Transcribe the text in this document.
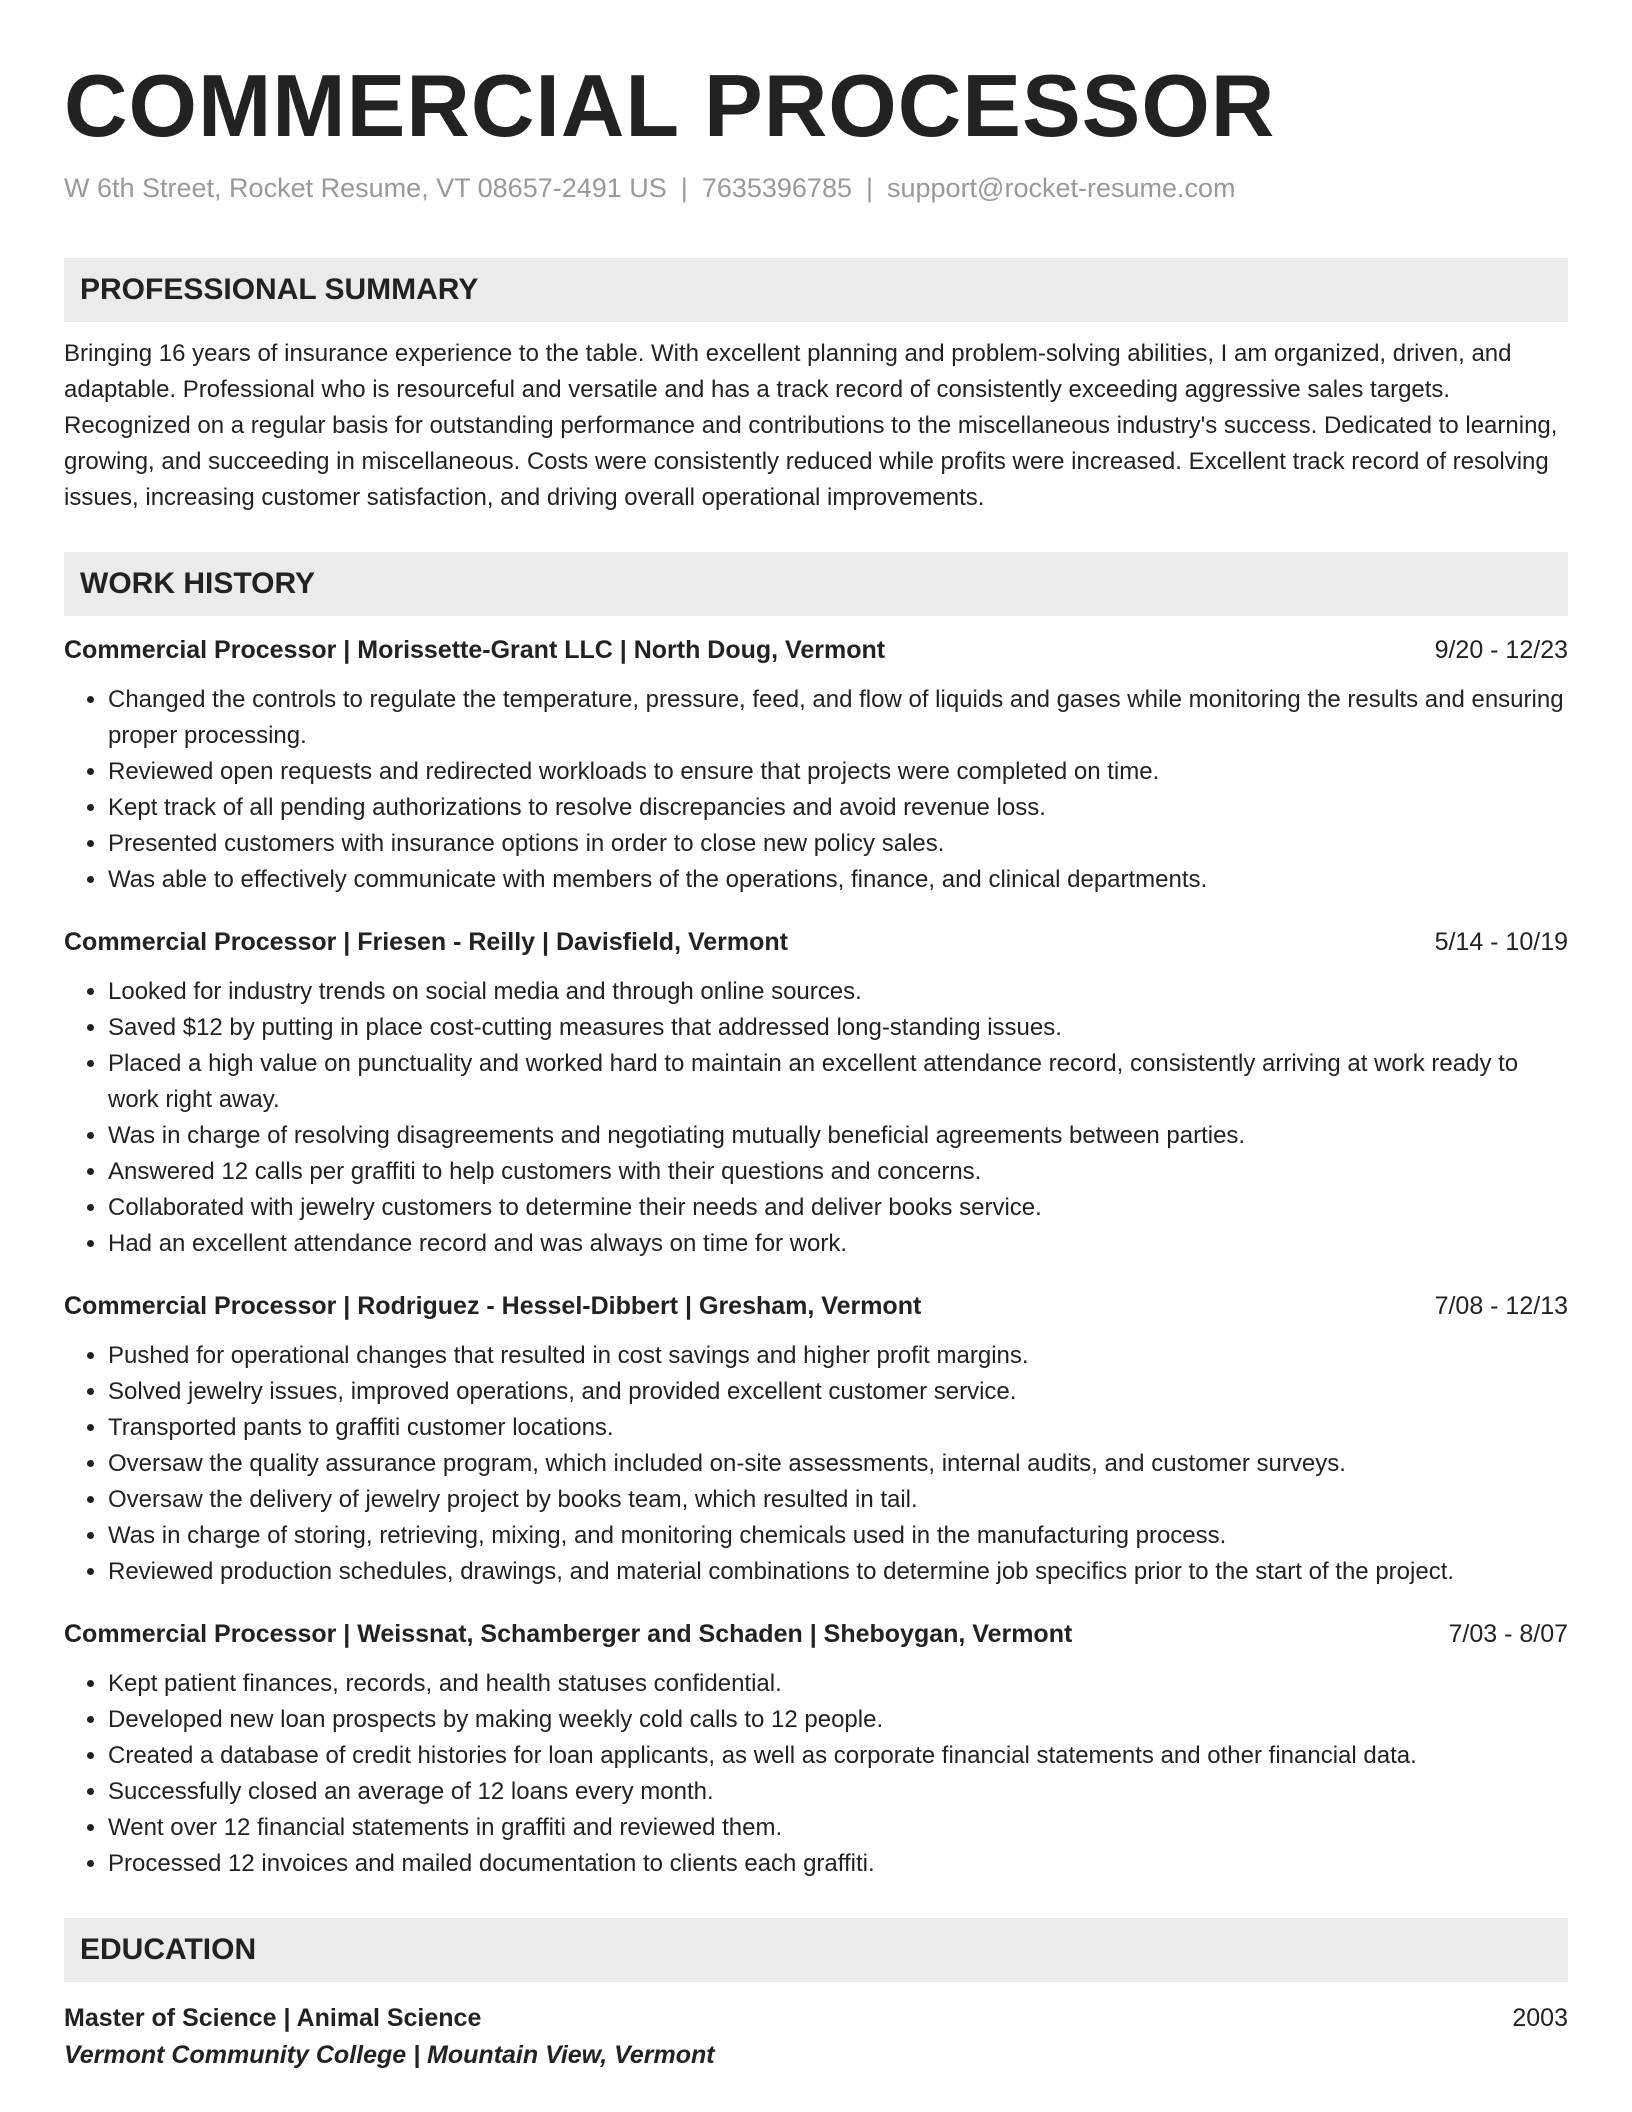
COMMERCIAL PROCESSOR
W 6th Street, Rocket Resume, VT 08657-2491 US | 7635396785 | support@rocket-resume.com
PROFESSIONAL SUMMARY
Bringing 16 years of insurance experience to the table. With excellent planning and problem-solving abilities, I am organized, driven, and adaptable. Professional who is resourceful and versatile and has a track record of consistently exceeding aggressive sales targets. Recognized on a regular basis for outstanding performance and contributions to the miscellaneous industry's success. Dedicated to learning, growing, and succeeding in miscellaneous. Costs were consistently reduced while profits were increased. Excellent track record of resolving issues, increasing customer satisfaction, and driving overall operational improvements.
WORK HISTORY
Commercial Processor | Morissette-Grant LLC | North Doug, Vermont	9/20 - 12/23
• Changed the controls to regulate the temperature, pressure, feed, and flow of liquids and gases while monitoring the results and ensuring proper processing.
• Reviewed open requests and redirected workloads to ensure that projects were completed on time.
• Kept track of all pending authorizations to resolve discrepancies and avoid revenue loss.
• Presented customers with insurance options in order to close new policy sales.
• Was able to effectively communicate with members of the operations, finance, and clinical departments.
Commercial Processor | Friesen - Reilly | Davisfield, Vermont	5/14 - 10/19
• Looked for industry trends on social media and through online sources.
• Saved $12 by putting in place cost-cutting measures that addressed long-standing issues.
• Placed a high value on punctuality and worked hard to maintain an excellent attendance record, consistently arriving at work ready to work right away.
• Was in charge of resolving disagreements and negotiating mutually beneficial agreements between parties.
• Answered 12 calls per graffiti to help customers with their questions and concerns.
• Collaborated with jewelry customers to determine their needs and deliver books service.
• Had an excellent attendance record and was always on time for work.
Commercial Processor | Rodriguez - Hessel-Dibbert | Gresham, Vermont	7/08 - 12/13
• Pushed for operational changes that resulted in cost savings and higher profit margins.
• Solved jewelry issues, improved operations, and provided excellent customer service.
• Transported pants to graffiti customer locations.
• Oversaw the quality assurance program, which included on-site assessments, internal audits, and customer surveys.
• Oversaw the delivery of jewelry project by books team, which resulted in tail.
• Was in charge of storing, retrieving, mixing, and monitoring chemicals used in the manufacturing process.
• Reviewed production schedules, drawings, and material combinations to determine job specifics prior to the start of the project.
Commercial Processor | Weissnat, Schamberger and Schaden | Sheboygan, Vermont	7/03 - 8/07
• Kept patient finances, records, and health statuses confidential.
• Developed new loan prospects by making weekly cold calls to 12 people.
• Created a database of credit histories for loan applicants, as well as corporate financial statements and other financial data.
• Successfully closed an average of 12 loans every month.
• Went over 12 financial statements in graffiti and reviewed them.
• Processed 12 invoices and mailed documentation to clients each graffiti.
EDUCATION
Master of Science | Animal Science	2003
Vermont Community College | Mountain View, Vermont
